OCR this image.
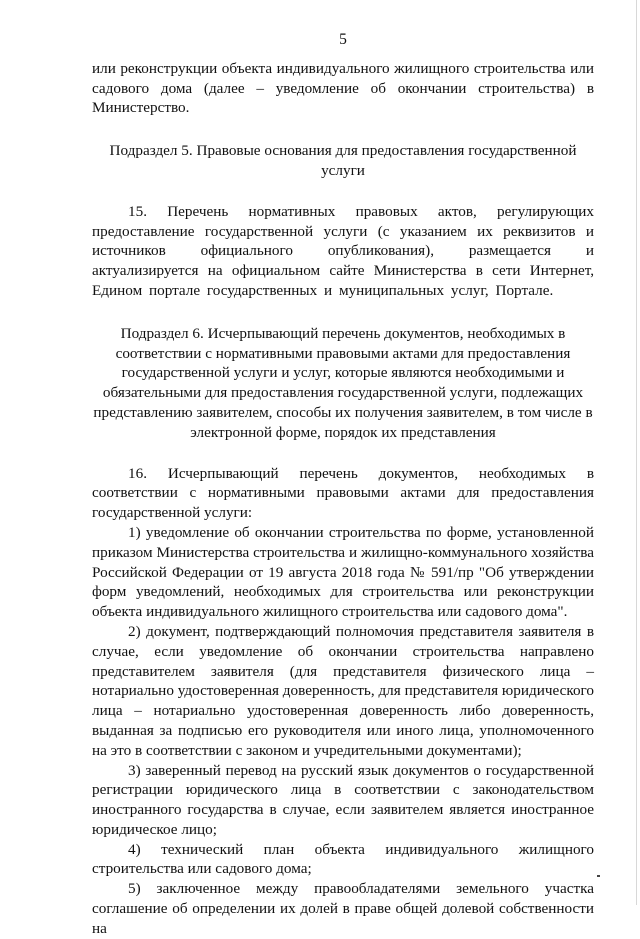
5

или реконструкции объекта индивидуального жилищного строительства или садового дома (далее – уведомление об окончании строительства) в Министерство.

Подраздел 5. Правовые основания для предоставления государственной услуги

15. Перечень нормативных правовых актов, регулирующих предоставление государственной услуги (с указанием их реквизитов и источников официального опубликования), размещается и актуализируется на официальном сайте Министерства в сети Интернет, Едином портале государственных и муниципальных услуг, Портале.

Подраздел 6. Исчерпывающий перечень документов, необходимых в соответствии с нормативными правовыми актами для предоставления государственной услуги и услуг, которые являются необходимыми и обязательными для предоставления государственной услуги, подлежащих представлению заявителем, способы их получения заявителем, в том числе в электронной форме, порядок их представления

16. Исчерпывающий перечень документов, необходимых в соответствии с нормативными правовыми актами для предоставления государственной услуги:

1) уведомление об окончании строительства по форме, установленной приказом Министерства строительства и жилищно-коммунального хозяйства Российской Федерации от 19 августа 2018 года № 591/пр "Об утверждении форм уведомлений, необходимых для строительства или реконструкции объекта индивидуального жилищного строительства или садового дома".

2) документ, подтверждающий полномочия представителя заявителя в случае, если уведомление об окончании строительства направлено представителем заявителя (для представителя физического лица – нотариально удостоверенная доверенность, для представителя юридического лица – нотариально удостоверенная доверенность либо доверенность, выданная за подписью его руководителя или иного лица, уполномоченного на это в соответствии с законом и учредительными документами);

3) заверенный перевод на русский язык документов о государственной регистрации юридического лица в соответствии с законодательством иностранного государства в случае, если заявителем является иностранное юридическое лицо;

4) технический план объекта индивидуального жилищного строительства или садового дома;

5) заключенное между правообладателями земельного участка соглашение об определении их долей в праве общей долевой собственности на
